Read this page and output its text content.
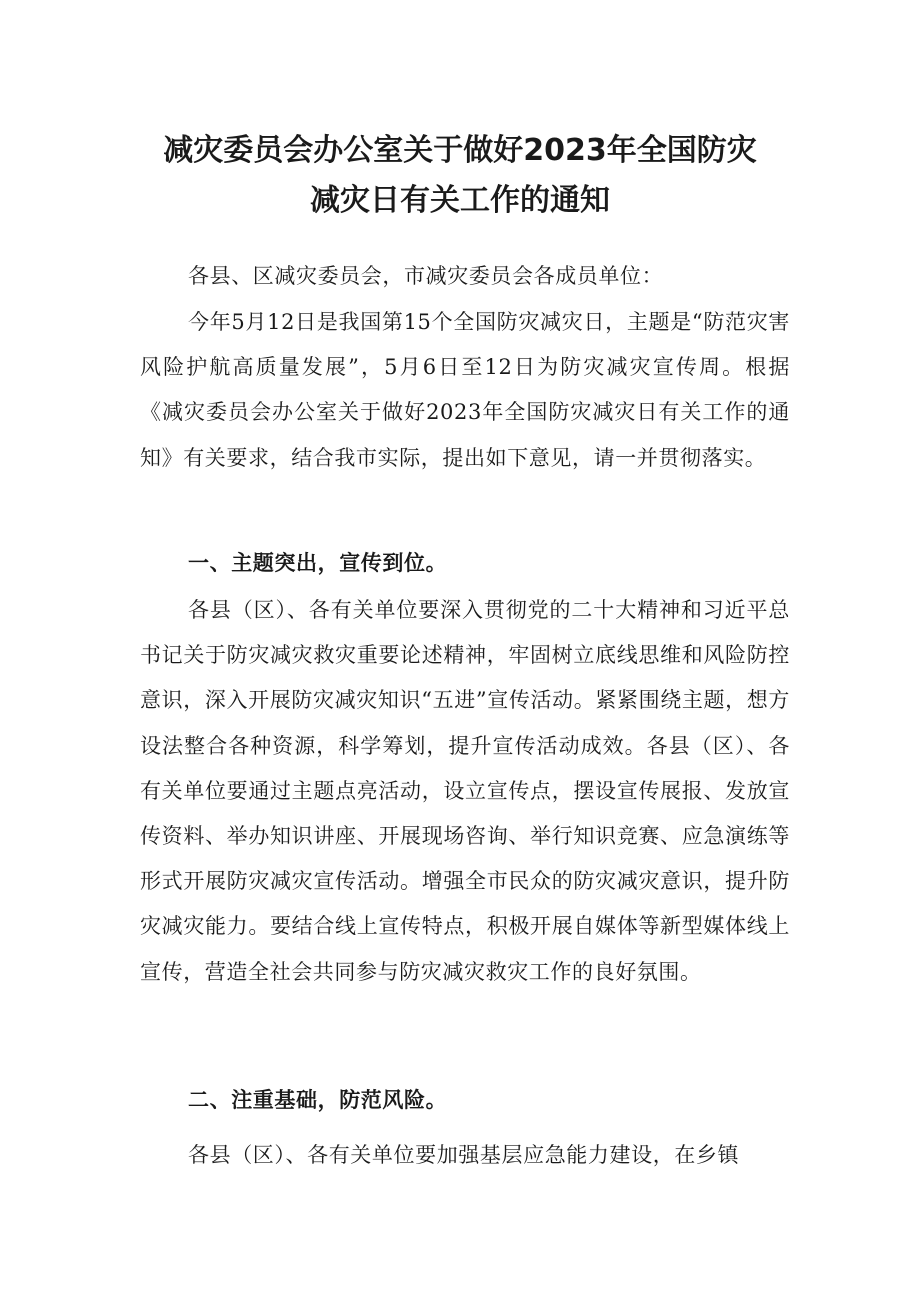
减灾委员会办公室关于做好2023年全国防灾
减灾日有关工作的通知

各县、区减灾委员会，市减灾委员会各成员单位：

今年5月12日是我国第15个全国防灾减灾日，主题是“防范灾害风险护航高质量发展”，5月6日至12日为防灾减灾宣传周。根据《减灾委员会办公室关于做好2023年全国防灾减灾日有关工作的通知》有关要求，结合我市实际，提出如下意见，请一并贯彻落实。

一、主题突出，宣传到位。

各县（区）、各有关单位要深入贯彻党的二十大精神和习近平总书记关于防灾减灾救灾重要论述精神，牢固树立底线思维和风险防控意识，深入开展防灾减灾知识“五进”宣传活动。紧紧围绕主题，想方设法整合各种资源，科学筹划，提升宣传活动成效。各县（区）、各有关单位要通过主题点亮活动，设立宣传点，摆设宣传展报、发放宣传资料、举办知识讲座、开展现场咨询、举行知识竞赛、应急演练等形式开展防灾减灾宣传活动。增强全市民众的防灾减灾意识，提升防灾减灾能力。要结合线上宣传特点，积极开展自媒体等新型媒体线上宣传，营造全社会共同参与防灾减灾救灾工作的良好氛围。

二、注重基础，防范风险。

各县（区）、各有关单位要加强基层应急能力建设，在乡镇
